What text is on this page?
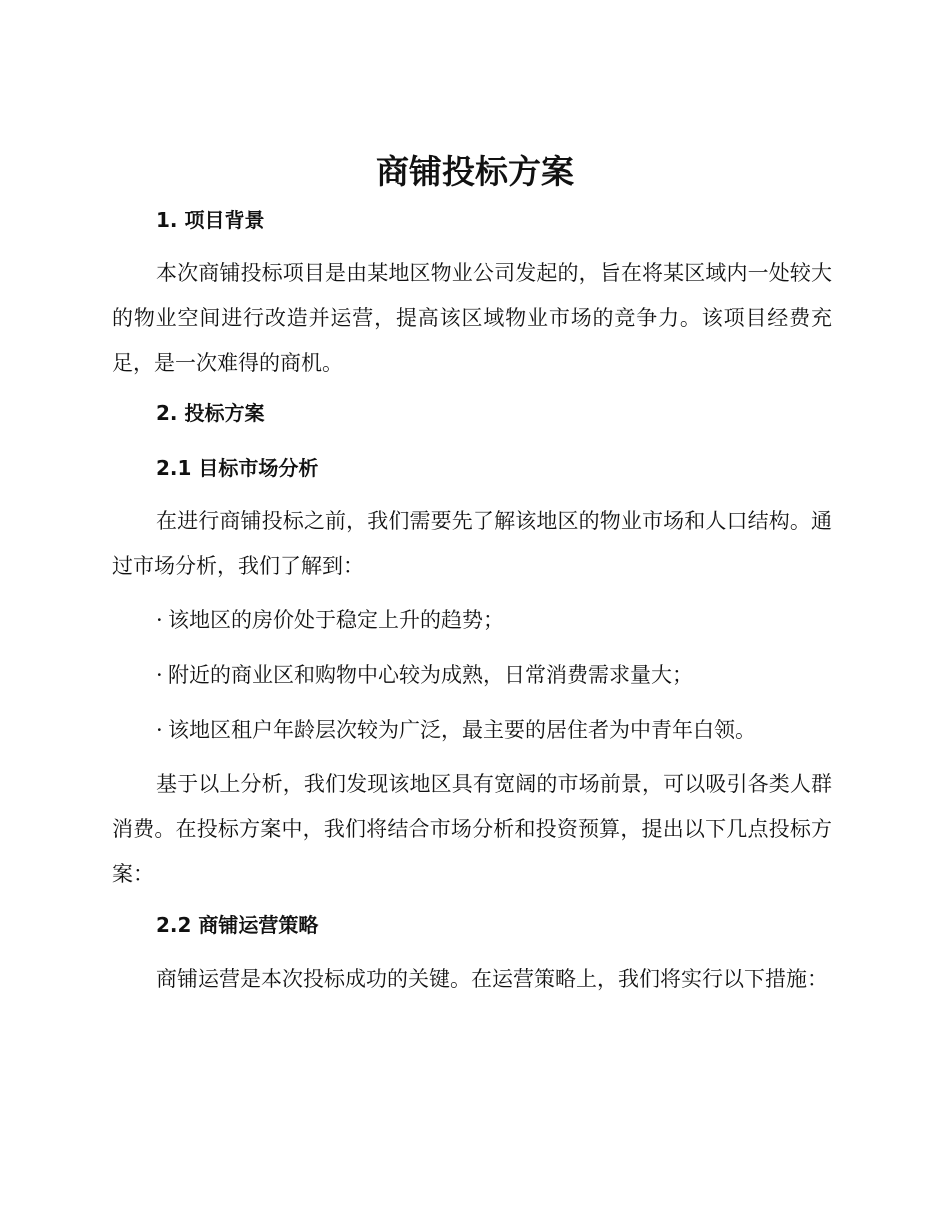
商铺投标方案
1. 项目背景

本次商铺投标项目是由某地区物业公司发起的，旨在将某区域内一处较大的物业空间进行改造并运营，提高该区域物业市场的竞争力。该项目经费充足，是一次难得的商机。

2. 投标方案
2.1 目标市场分析

在进行商铺投标之前，我们需要先了解该地区的物业市场和人口结构。通过市场分析，我们了解到：

· 该地区的房价处于稳定上升的趋势；

· 附近的商业区和购物中心较为成熟，日常消费需求量大；

· 该地区租户年龄层次较为广泛，最主要的居住者为中青年白领。

基于以上分析，我们发现该地区具有宽阔的市场前景，可以吸引各类人群消费。在投标方案中，我们将结合市场分析和投资预算，提出以下几点投标方案：

2.2 商铺运营策略

商铺运营是本次投标成功的关键。在运营策略上，我们将实行以下措施：
